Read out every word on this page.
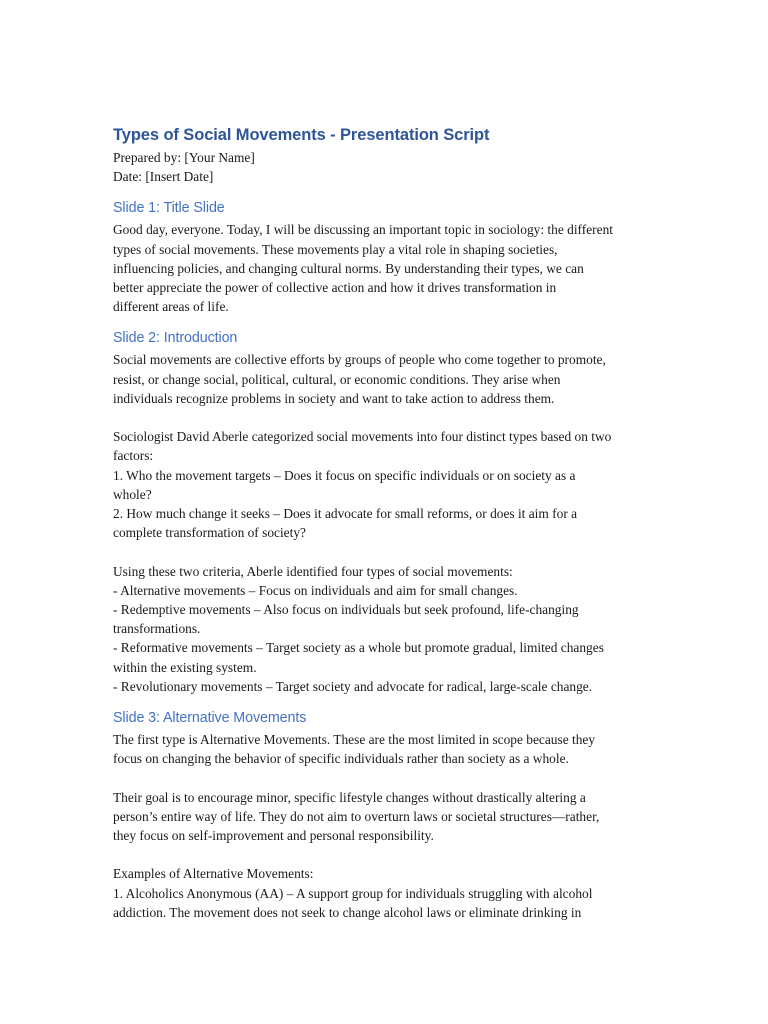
Types of Social Movements - Presentation Script

Prepared by: [Your Name]

Date: [Insert Date]

Slide 1: Title Slide

Good day, everyone. Today, I will be discussing an important topic in sociology: the different

types of social movements. These movements play a vital role in shaping societies,

influencing policies, and changing cultural norms. By understanding their types, we can

better appreciate the power of collective action and how it drives transformation in

different areas of life.

Slide 2: Introduction

Social movements are collective efforts by groups of people who come together to promote,

resist, or change social, political, cultural, or economic conditions. They arise when

individuals recognize problems in society and want to take action to address them.

Sociologist David Aberle categorized social movements into four distinct types based on two

factors:

1. Who the movement targets – Does it focus on specific individuals or on society as a

whole?

2. How much change it seeks – Does it advocate for small reforms, or does it aim for a

complete transformation of society?

Using these two criteria, Aberle identified four types of social movements:

- Alternative movements – Focus on individuals and aim for small changes.

- Redemptive movements – Also focus on individuals but seek profound, life-changing

transformations.

- Reformative movements – Target society as a whole but promote gradual, limited changes

within the existing system.

- Revolutionary movements – Target society and advocate for radical, large-scale change.

Slide 3: Alternative Movements

The first type is Alternative Movements. These are the most limited in scope because they

focus on changing the behavior of specific individuals rather than society as a whole.

Their goal is to encourage minor, specific lifestyle changes without drastically altering a

person’s entire way of life. They do not aim to overturn laws or societal structures—rather,

they focus on self-improvement and personal responsibility.

Examples of Alternative Movements:

1. Alcoholics Anonymous (AA) – A support group for individuals struggling with alcohol

addiction. The movement does not seek to change alcohol laws or eliminate drinking in
